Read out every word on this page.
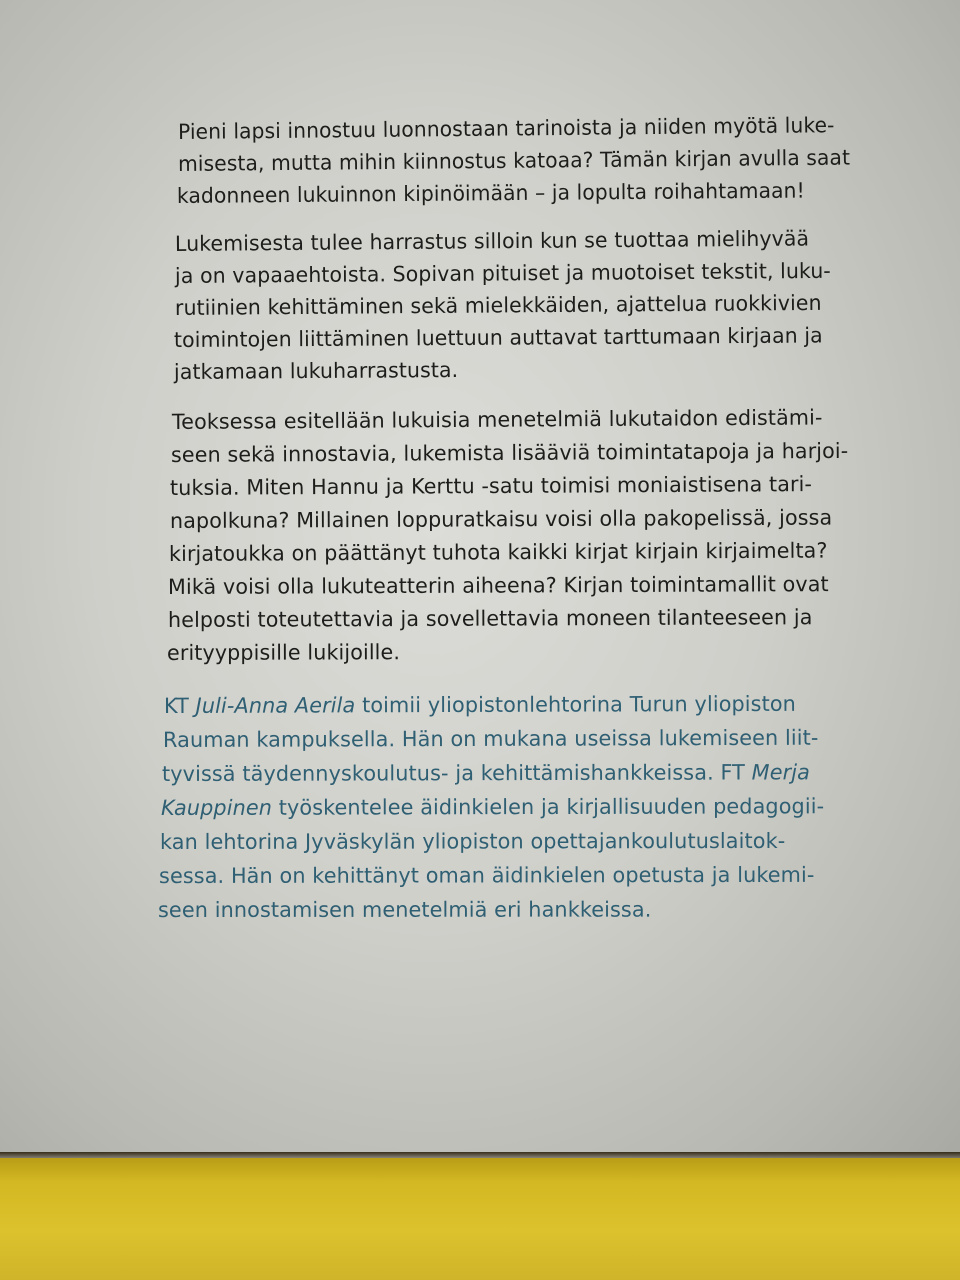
Pieni lapsi innostuu luonnostaan tarinoista ja niiden myötä luke-
misesta, mutta mihin kiinnostus katoaa? Tämän kirjan avulla saat
kadonneen lukuinnon kipinöimään – ja lopulta roihahtamaan!
Lukemisesta tulee harrastus silloin kun se tuottaa mielihyvää
ja on vapaaehtoista. Sopivan pituiset ja muotoiset tekstit, luku-
rutiinien kehittäminen sekä mielekkäiden, ajattelua ruokkivien
toimintojen liittäminen luettuun auttavat tarttumaan kirjaan ja
jatkamaan lukuharrastusta.
Teoksessa esitellään lukuisia menetelmiä lukutaidon edistämi-
seen sekä innostavia, lukemista lisääviä toimintatapoja ja harjoi-
tuksia. Miten Hannu ja Kerttu -satu toimisi moniaistisena tari-
napolkuna? Millainen loppuratkaisu voisi olla pakopelissä, jossa
kirjatoukka on päättänyt tuhota kaikki kirjat kirjain kirjaimelta?
Mikä voisi olla lukuteatterin aiheena? Kirjan toimintamallit ovat
helposti toteutettavia ja sovellettavia moneen tilanteeseen ja
erityyppisille lukijoille.
KT Juli-Anna Aerila toimii yliopistonlehtorina Turun yliopiston
Rauman kampuksella. Hän on mukana useissa lukemiseen liit-
tyvissä täydennyskoulutus- ja kehittämishankkeissa. FT Merja
Kauppinen työskentelee äidinkielen ja kirjallisuuden pedagogii-
kan lehtorina Jyväskylän yliopiston opettajankoulutuslaitok-
sessa. Hän on kehittänyt oman äidinkielen opetusta ja lukemi-
seen innostamisen menetelmiä eri hankkeissa.
